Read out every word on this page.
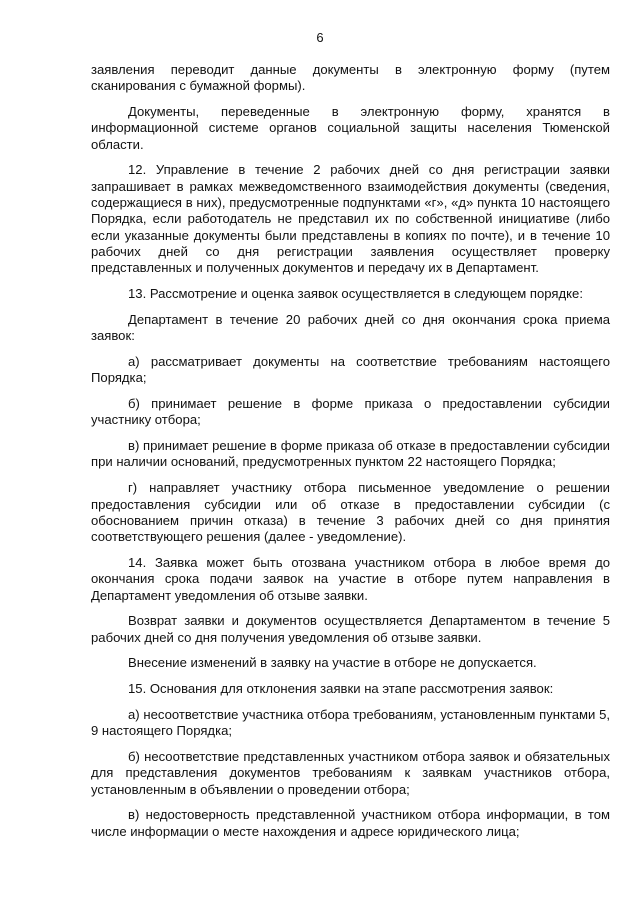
6

заявления переводит данные документы в электронную форму (путем сканирования с бумажной формы).

Документы, переведенные в электронную форму, хранятся в информационной системе органов социальной защиты населения Тюменской области.

12. Управление в течение 2 рабочих дней со дня регистрации заявки запрашивает в рамках межведомственного взаимодействия документы (сведения, содержащиеся в них), предусмотренные подпунктами «г», «д» пункта 10 настоящего Порядка, если работодатель не представил их по собственной инициативе (либо если указанные документы были представлены в копиях по почте), и в течение 10 рабочих дней со дня регистрации заявления осуществляет проверку представленных и полученных документов и передачу их в Департамент.

13. Рассмотрение и оценка заявок осуществляется в следующем порядке:

Департамент в течение 20 рабочих дней со дня окончания срока приема заявок:

а) рассматривает документы на соответствие требованиям настоящего Порядка;

б) принимает решение в форме приказа о предоставлении субсидии участнику отбора;

в) принимает решение в форме приказа об отказе в предоставлении субсидии при наличии оснований, предусмотренных пунктом 22 настоящего Порядка;

г) направляет участнику отбора письменное уведомление о решении предоставления субсидии или об отказе в предоставлении субсидии (с обоснованием причин отказа) в течение 3 рабочих дней со дня принятия соответствующего решения (далее - уведомление).

14. Заявка может быть отозвана участником отбора в любое время до окончания срока подачи заявок на участие в отборе путем направления в Департамент уведомления об отзыве заявки.

Возврат заявки и документов осуществляется Департаментом в течение 5 рабочих дней со дня получения уведомления об отзыве заявки.

Внесение изменений в заявку на участие в отборе не допускается.

15. Основания для отклонения заявки на этапе рассмотрения заявок:

а) несоответствие участника отбора требованиям, установленным пунктами 5, 9 настоящего Порядка;

б) несоответствие представленных участником отбора заявок и обязательных для представления документов требованиям к заявкам участников отбора, установленным в объявлении о проведении отбора;

в) недостоверность представленной участником отбора информации, в том числе информации о месте нахождения и адресе юридического лица;
